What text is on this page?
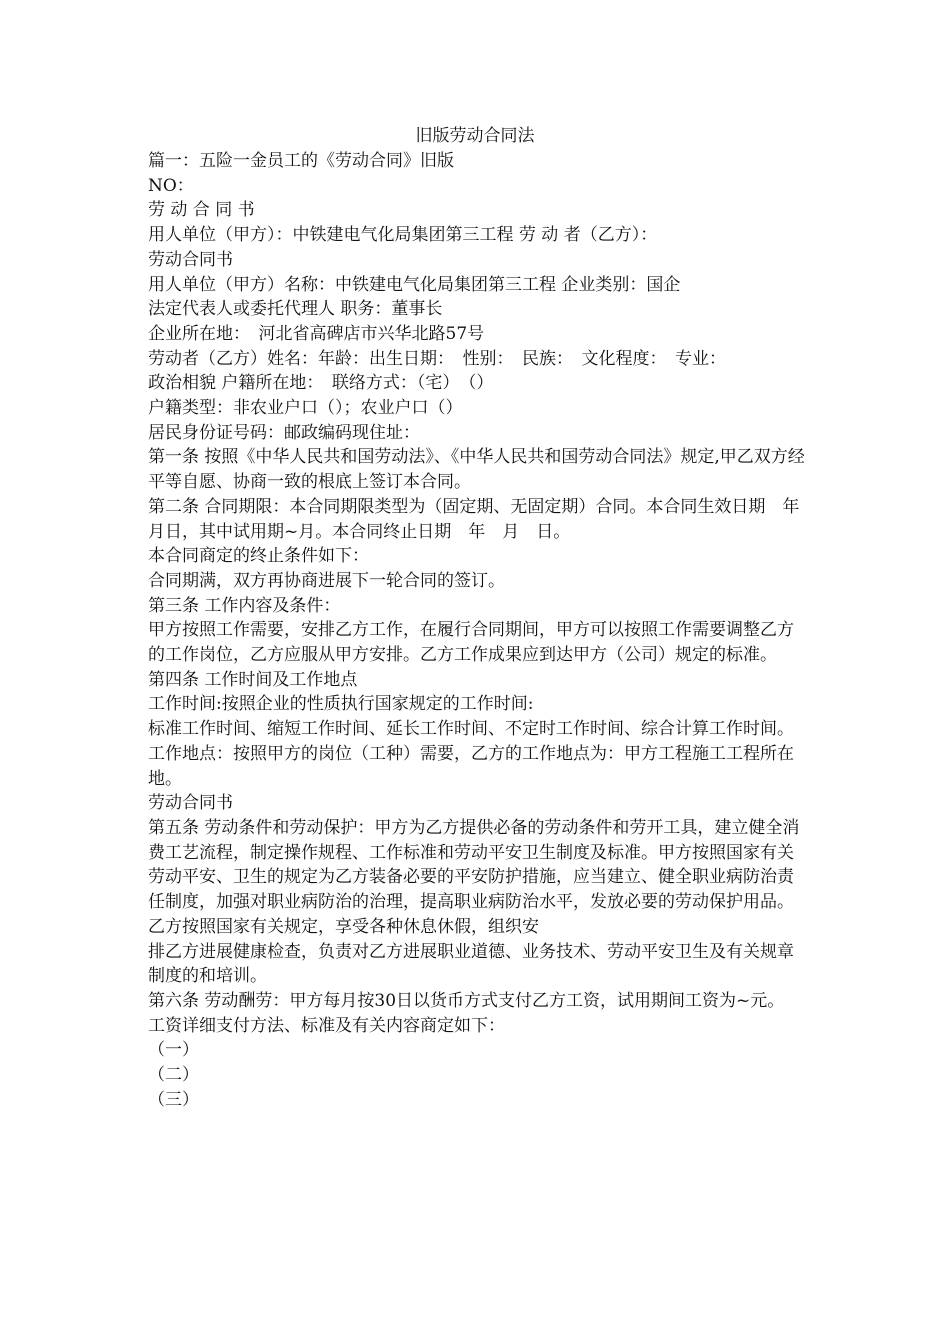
旧版劳动合同法

篇一：五险一金员工的《劳动合同》旧版

NO：

劳 动 合 同 书

用人单位（甲方）：中铁建电气化局集团第三工程 劳 动 者（乙方）：

劳动合同书

用人单位（甲方）名称：中铁建电气化局集团第三工程 企业类别：国企

法定代表人或委托代理人 职务：董事长

企业所在地：　河北省高碑店市兴华北路57号

劳动者（乙方）姓名：年龄：出生日期：　性别：　民族：　文化程度：　专业：

政治相貌 户籍所在地：　联络方式：（宅）　（）

户籍类型：非农业户口（）；农业户口（）

居民身份证号码：邮政编码现住址：

第一条 按照《中华人民共和国劳动法》、《中华人民共和国劳动合同法》规定,甲乙双方经平等自愿、协商一致的根底上签订本合同。

第二条 合同期限：本合同期限类型为（固定期、无固定期）合同。本合同生效日期　年　月日，其中试用期~月。本合同终止日期　年　月　日。

本合同商定的终止条件如下：

合同期满，双方再协商进展下一轮合同的签订。

第三条 工作内容及条件：

甲方按照工作需要，安排乙方工作，在履行合同期间，甲方可以按照工作需要调整乙方的工作岗位，乙方应服从甲方安排。乙方工作成果应到达甲方（公司）规定的标准。

第四条 工作时间及工作地点

工作时间:按照企业的性质执行国家规定的工作时间:

标准工作时间、缩短工作时间、延长工作时间、不定时工作时间、综合计算工作时间。

工作地点：按照甲方的岗位（工种）需要，乙方的工作地点为：甲方工程施工工程所在地。

劳动合同书

第五条 劳动条件和劳动保护：甲方为乙方提供必备的劳动条件和劳开工具，建立健全消费工艺流程，制定操作规程、工作标准和劳动平安卫生制度及标准。甲方按照国家有关劳动平安、卫生的规定为乙方装备必要的平安防护措施，应当建立、健全职业病防治责任制度，加强对职业病防治的治理，提高职业病防治水平，发放必要的劳动保护用品。

乙方按照国家有关规定，享受各种休息休假，组织安

排乙方进展健康检查，负责对乙方进展职业道德、业务技术、劳动平安卫生及有关规章制度的和培训。

第六条 劳动酬劳：甲方每月按30日以货币方式支付乙方工资，试用期间工资为~元。

工资详细支付方法、标准及有关内容商定如下：

（一）

（二）

（三）
